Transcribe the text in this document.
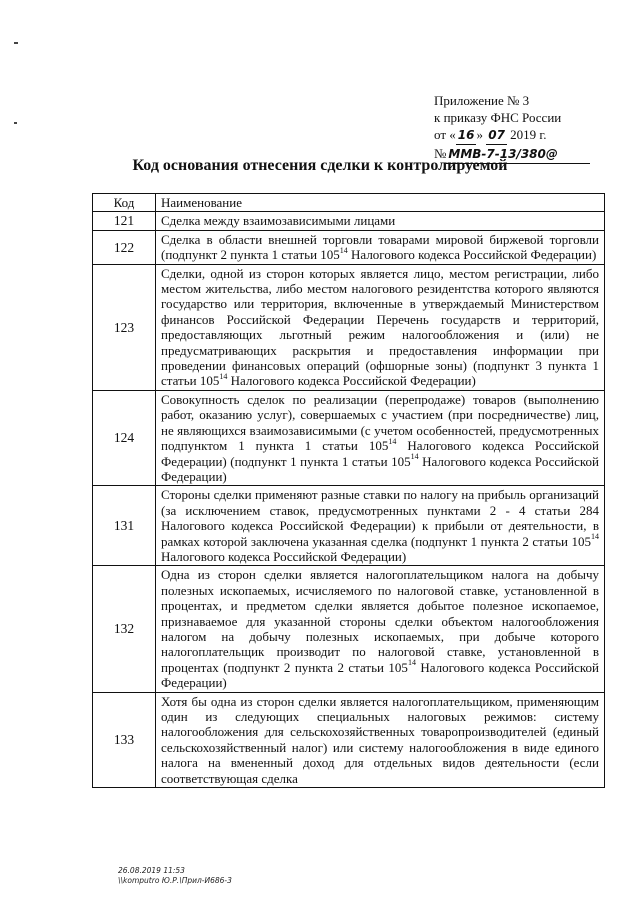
Приложение № 3
к приказу ФНС России
от « 16 » 07 2019 г.
№ ММВ-7-13/380@
Код основания отнесения сделки к контролируемой
Код	Наименование
121	Сделка между взаимозависимыми лицами
122	Сделка в области внешней торговли товарами мировой биржевой торговли (подпункт 2 пункта 1 статьи $105^{14}$ Налогового кодекса Российской Федерации)
123	Сделки, одной из сторон которых является лицо, местом регистрации, либо местом жительства, либо местом налогового резидентства которого являются государство или территория, включенные в утверждаемый Министерством финансов Российской Федерации Перечень государств и территорий, предоставляющих льготный режим налогообложения и (или) не предусматривающих раскрытия и предоставления информации при проведении финансовых операций (офшорные зоны) (подпункт 3 пункта 1 статьи $105^{14}$ Налогового кодекса Российской Федерации)
124	Совокупность сделок по реализации (перепродаже) товаров (выполнению работ, оказанию услуг), совершаемых с участием (при посредничестве) лиц, не являющихся взаимозависимыми (с учетом особенностей, предусмотренных подпунктом 1 пункта 1 статьи $105^{14}$ Налогового кодекса Российской Федерации) (подпункт 1 пункта 1 статьи $105^{14}$ Налогового кодекса Российской Федерации)
131	Стороны сделки применяют разные ставки по налогу на прибыль организаций (за исключением ставок, предусмотренных пунктами 2 - 4 статьи 284 Налогового кодекса Российской Федерации) к прибыли от деятельности, в рамках которой заключена указанная сделка (подпункт 1 пункта 2 статьи $105^{14}$ Налогового кодекса Российской Федерации)
132	Одна из сторон сделки является налогоплательщиком налога на добычу полезных ископаемых, исчисляемого по налоговой ставке, установленной в процентах, и предметом сделки является добытое полезное ископаемое, признаваемое для указанной стороны сделки объектом налогообложения налогом на добычу полезных ископаемых, при добыче которого налогоплательщик производит по налоговой ставке, установленной в процентах (подпункт 2 пункта 2 статьи $105^{14}$ Налогового кодекса Российской Федерации)
133	Хотя бы одна из сторон сделки является налогоплательщиком, применяющим один из следующих специальных налоговых режимов: систему налогообложения для сельскохозяйственных товаропроизводителей (единый сельскохозяйственный налог) или систему налогообложения в виде единого налога на вмененный доход для отдельных видов деятельности (если соответствующая сделка
26.08.2019 11:53
\\komputro Ю.Р.\Прил-И686-3
